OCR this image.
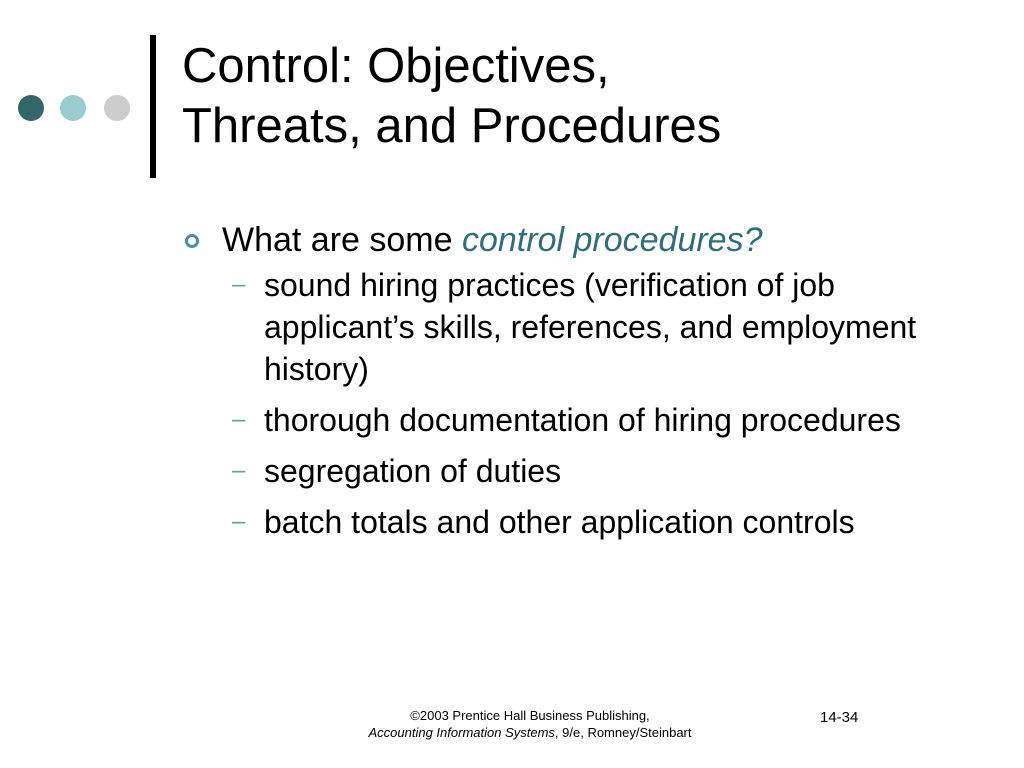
Control: Objectives,
Threats, and Procedures
What are some control procedures?
– sound hiring practices (verification of job applicant’s skills, references, and employment history)
– thorough documentation of hiring procedures
– segregation of duties
– batch totals and other application controls
©2003 Prentice Hall Business Publishing,
Accounting Information Systems, 9/e, Romney/Steinbart
14-34
